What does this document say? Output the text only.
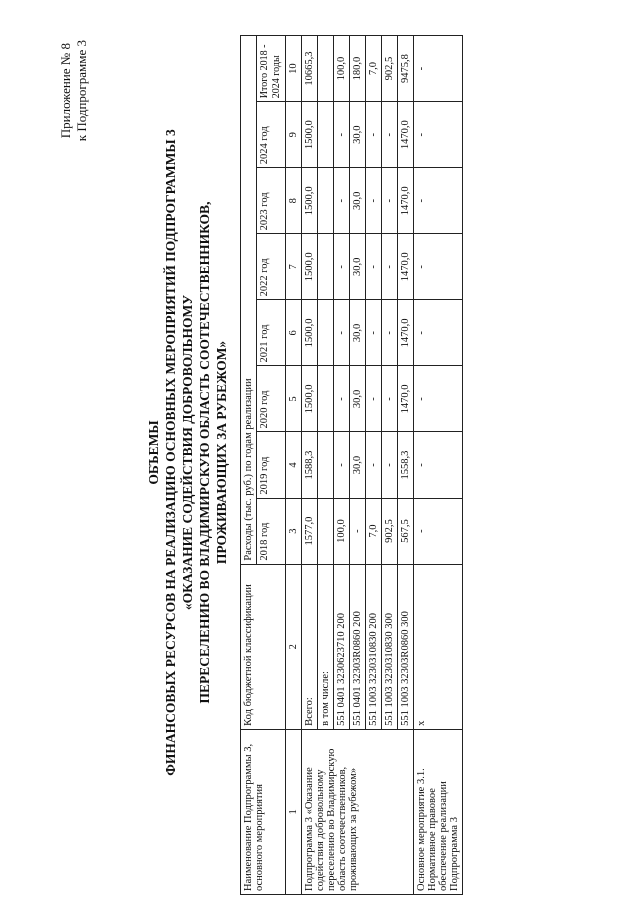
Приложение № 8 к Подпрограмме 3
ОБЪЕМЫ ФИНАНСОВЫХ РЕСУРСОВ НА РЕАЛИЗАЦИЮ ОСНОВНЫХ МЕРОПРИЯТИЙ ПОДПРОГРАММЫ 3 «ОКАЗАНИЕ СОДЕЙСТВИЯ ДОБРОВОЛЬНОМУ ПЕРЕСЕЛЕНИЮ ВО ВЛАДИМИРСКУЮ ОБЛАСТЬ СООТЕЧЕСТВЕННИКОВ, ПРОЖИВАЮЩИХ ЗА РУБЕЖОМ»
Наименование Подпрограммы 3, основного мероприятия	Код бюджетной классификации	Расходы (тыс. руб.) по годам реализации							
		2018 год	2019 год	2020 год	2021 год	2022 год	2023 год	2024 год	Итого 2018 - 2024 годы
1	2	3	4	5	6	7	8	9	10
Подпрограмма 3 «Оказание содействия добровольному переселению во Владимирскую область соотечественников, проживающих за рубежом»	Всего:	1577,0	1588,3	1500,0	1500,0	1500,0	1500,0	1500,0	10665,3
	в том числе:								
	551 0401 3230623710 200	100,0	-	-	-	-	-	-	100,0
	551 0401 32303R0860 200	-	30,0	30,0	30,0	30,0	30,0	30,0	180,0
	551 1003 3230310830 200	7,0	-	-	-	-	-	-	7,0
	551 1003 3230310830 300	902,5	-	-	-	-	-	-	902,5
	551 1003 32303R0860 300	567,5	1558,3	1470,0	1470,0	1470,0	1470,0	1470,0	9475,8
Основное мероприятие 3.1. Нормативное правовое обеспечение реализации Подпрограмма 3	x	-	-	-	-	-	-	-	-
